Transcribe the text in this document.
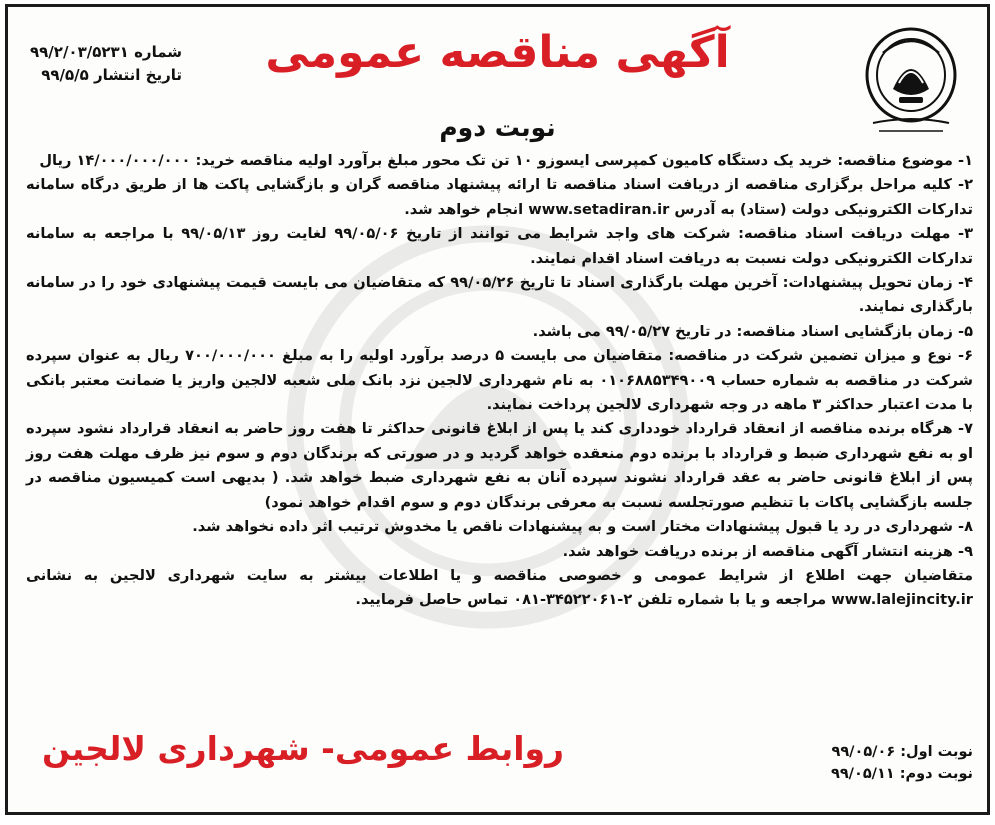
شماره ۹۹/۲/۰۳/۵۲۳۱
تاریخ انتشار ۹۹/۵/۵	آگهی مناقصه عمومی
نوبت دوم

۱- موضوع مناقصه: خرید یک دستگاه کامیون کمپرسی ایسوزو ۱۰ تن تک محور مبلغ برآورد اولیه مناقصه خرید: ۱۴/۰۰۰/۰۰۰/۰۰۰ ریال

۲- کلیه مراحل برگزاری مناقصه از دریافت اسناد مناقصه تا ارائه پیشنهاد مناقصه گران و بازگشایی پاکت ها از طریق درگاه سامانه تدارکات الکترونیکی دولت (ستاد) به آدرس www.setadiran.ir انجام خواهد شد.

۳- مهلت دریافت اسناد مناقصه: شرکت های واجد شرایط می توانند از تاریخ ۹۹/۰۵/۰۶ لغایت روز ۹۹/۰۵/۱۳ با مراجعه به سامانه تدارکات الکترونیکی دولت نسبت به دریافت اسناد اقدام نمایند.

۴- زمان تحویل پیشنهادات: آخرین مهلت بارگذاری اسناد تا تاریخ ۹۹/۰۵/۲۶ که متقاضیان می بایست قیمت پیشنهادی خود را در سامانه بارگذاری نمایند.

۵- زمان بازگشایی اسناد مناقصه: در تاریخ ۹۹/۰۵/۲۷ می باشد.

۶- نوع و میزان تضمین شرکت در مناقصه: متقاضیان می بایست ۵ درصد برآورد اولیه را به مبلغ ۷۰۰/۰۰۰/۰۰۰ ریال به عنوان سپرده شرکت در مناقصه به شماره حساب ۰۱۰۶۸۸۵۳۴۹۰۰۹ به نام شهرداری لالجین نزد بانک ملی شعبه لالجین واریز یا ضمانت معتبر بانکی با مدت اعتبار حداکثر ۳ ماهه در وجه شهرداری لالجین پرداخت نمایند.

۷- هرگاه برنده مناقصه از انعقاد قرارداد خودداری کند یا پس از ابلاغ قانونی حداکثر تا هفت روز حاضر به انعقاد قرارداد نشود سپرده او به نفع شهرداری ضبط و قرارداد با برنده دوم منعقده خواهد گردید و در صورتی که برندگان دوم و سوم نیز ظرف مهلت هفت روز پس از ابلاغ قانونی حاضر به عقد قرارداد نشوند سپرده آنان به نفع شهرداری ضبط خواهد شد. ( بدیهی است کمیسیون مناقصه در جلسه بازگشایی پاکات با تنظیم صورتجلسه نسبت به معرفی برندگان دوم و سوم اقدام خواهد نمود)

۸- شهرداری در رد یا قبول پیشنهادات مختار است و به پیشنهادات ناقص یا مخدوش ترتیب اثر داده نخواهد شد.

۹- هزینه انتشار آگهی مناقصه از برنده دریافت خواهد شد.

متقاضیان جهت اطلاع از شرایط عمومی و خصوصی مناقصه و یا اطلاعات بیشتر به سایت شهرداری لالجین به نشانی www.lalejincity.ir مراجعه و یا با شماره تلفن ۲-۳۴۵۲۲۰۶۱-۰۸۱ تماس حاصل فرمایید.

نوبت اول: ۹۹/۰۵/۰۶
نوبت دوم: ۹۹/۰۵/۱۱
روابط عمومی- شهرداری لالجین
